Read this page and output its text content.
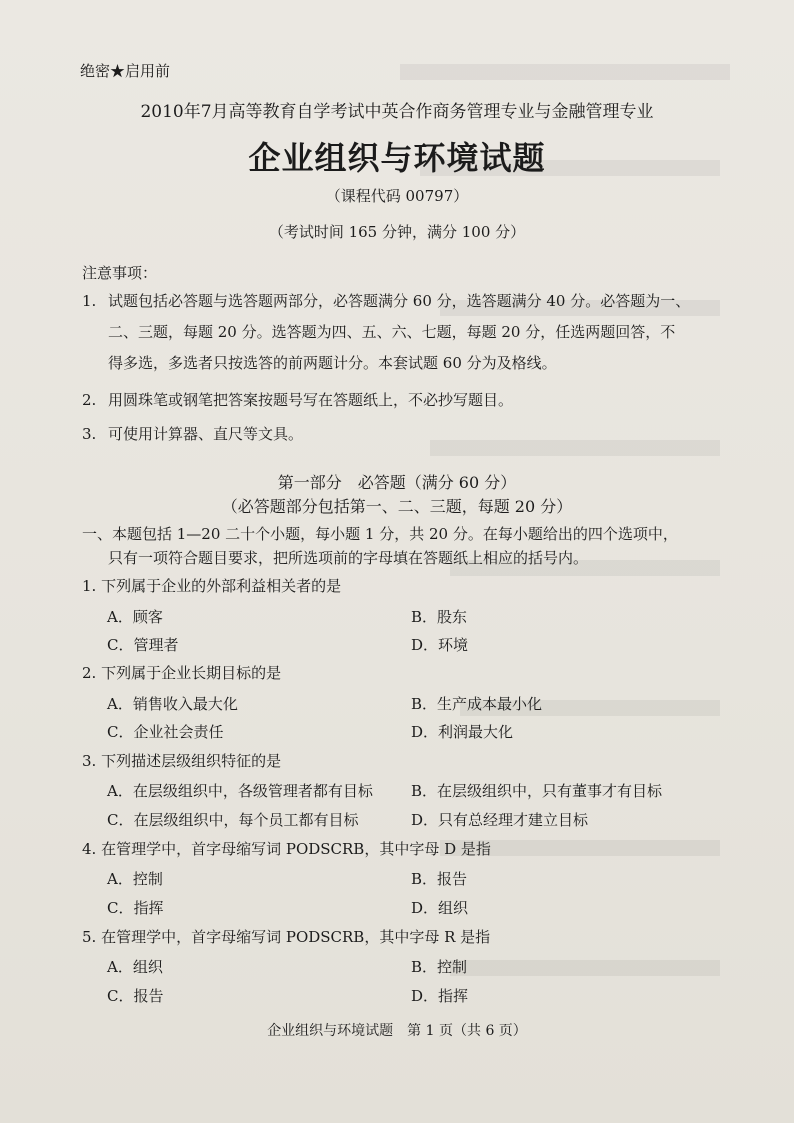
绝密★启用前
2010年7月高等教育自学考试中英合作商务管理专业与金融管理专业
企业组织与环境试题
（课程代码 00797）
（考试时间 165 分钟，满分 100 分）
注意事项：
1. 试题包括必答题与选答题两部分，必答题满分 60 分，选答题满分 40 分。必答题为一、
二、三题，每题 20 分。选答题为四、五、六、七题，每题 20 分，任选两题回答，不
得多选，多选者只按选答的前两题计分。本套试题 60 分为及格线。
2. 用圆珠笔或钢笔把答案按题号写在答题纸上，不必抄写题目。
3. 可使用计算器、直尺等文具。
第一部分　必答题（满分 60 分）
（必答题部分包括第一、二、三题，每题 20 分）
一、本题包括 1—20 二十个小题，每小题 1 分，共 20 分。在每小题给出的四个选项中，
只有一项符合题目要求，把所选项前的字母填在答题纸上相应的括号内。
1. 下列属于企业的外部利益相关者的是
A．顾客	B．股东
C．管理者	D．环境
2. 下列属于企业长期目标的是
A．销售收入最大化	B．生产成本最小化
C．企业社会责任	D．利润最大化
3. 下列描述层级组织特征的是
A．在层级组织中，各级管理者都有目标	B．在层级组织中，只有董事才有目标
C．在层级组织中，每个员工都有目标	D．只有总经理才建立目标
4. 在管理学中，首字母缩写词 PODSCRB，其中字母 D 是指
A．控制	B．报告
C．指挥	D．组织
5. 在管理学中，首字母缩写词 PODSCRB，其中字母 R 是指
A．组织	B．控制
C．报告	D．指挥
企业组织与环境试题　第 1 页（共 6 页）
